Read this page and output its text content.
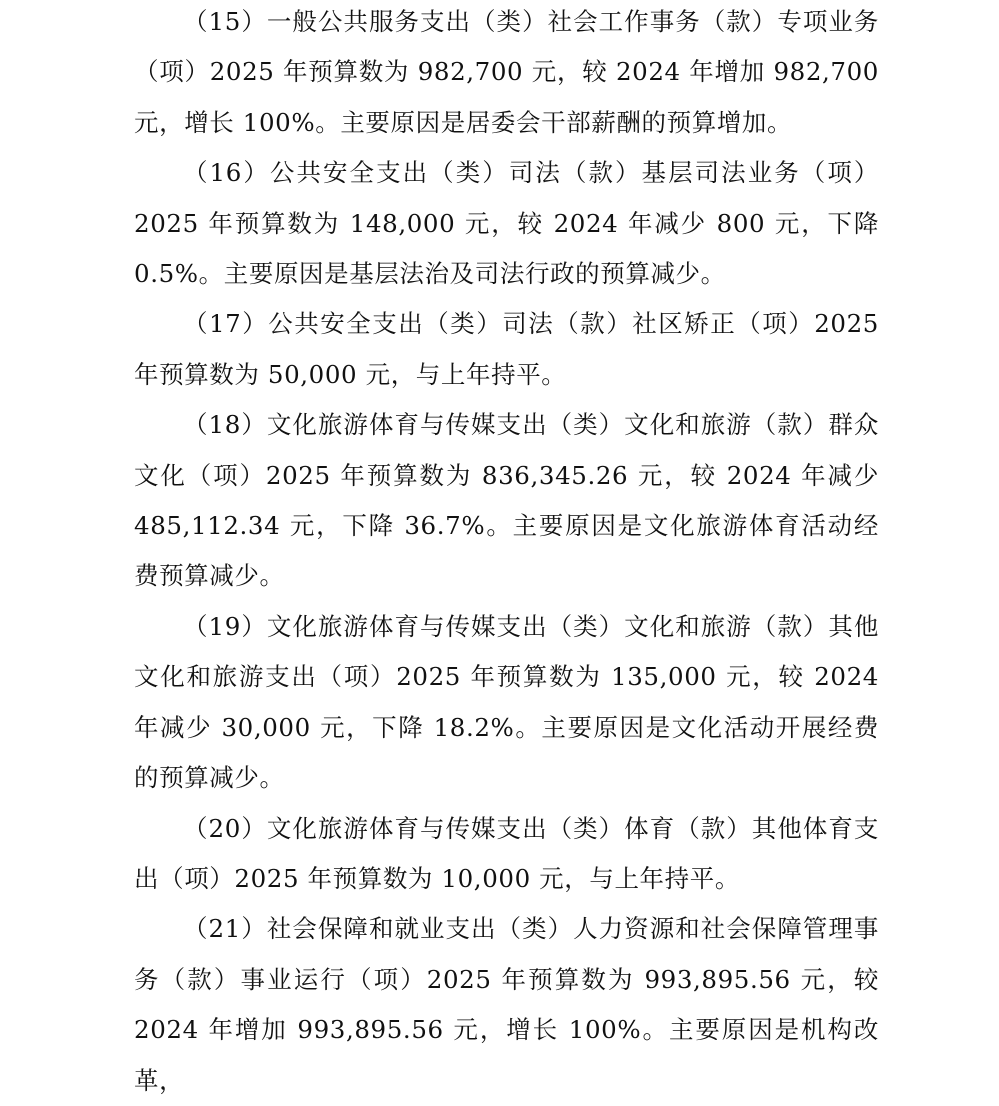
（15）一般公共服务支出（类）社会工作事务（款）专项业务（项）2025 年预算数为 982,700 元，较 2024 年增加 982,700 元，增长 100%。主要原因是居委会干部薪酬的预算增加。

（16）公共安全支出（类）司法（款）基层司法业务（项）2025 年预算数为 148,000 元，较 2024 年减少 800 元，下降 0.5%。主要原因是基层法治及司法行政的预算减少。

（17）公共安全支出（类）司法（款）社区矫正（项）2025 年预算数为 50,000 元，与上年持平。

（18）文化旅游体育与传媒支出（类）文化和旅游（款）群众文化（项）2025 年预算数为 836,345.26 元，较 2024 年减少 485,112.34 元，下降 36.7%。主要原因是文化旅游体育活动经费预算减少。

（19）文化旅游体育与传媒支出（类）文化和旅游（款）其他文化和旅游支出（项）2025 年预算数为 135,000 元，较 2024 年减少 30,000 元，下降 18.2%。主要原因是文化活动开展经费的预算减少。

（20）文化旅游体育与传媒支出（类）体育（款）其他体育支出（项）2025 年预算数为 10,000 元，与上年持平。

（21）社会保障和就业支出（类）人力资源和社会保障管理事务（款）事业运行（项）2025 年预算数为 993,895.56 元，较 2024 年增加 993,895.56 元，增长 100%。主要原因是机构改革，
